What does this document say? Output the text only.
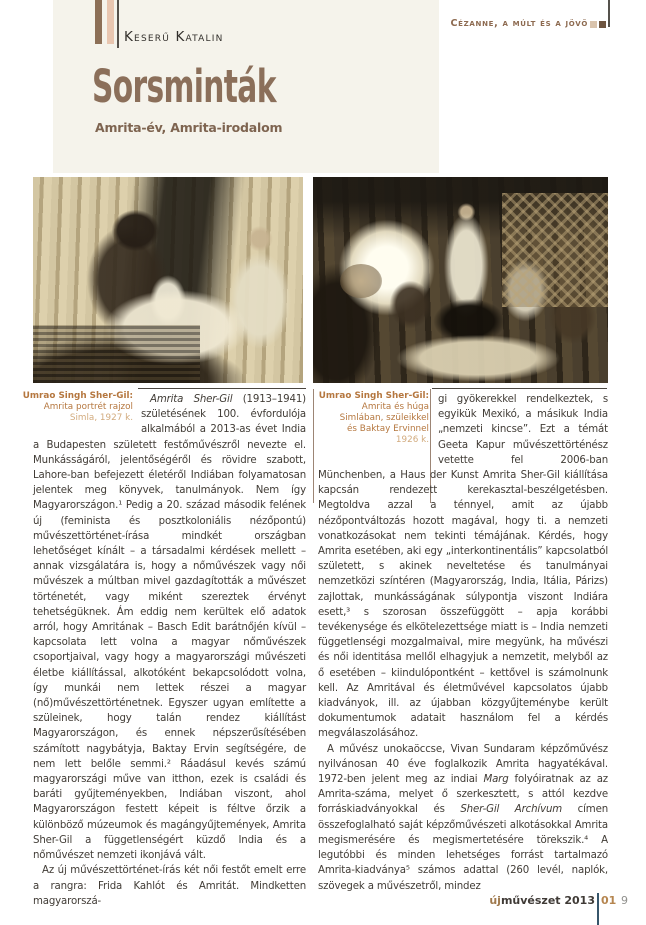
Keserű Katalin
Cézanne, a múlt és a jövő
Sorsminták
Amrita-év, Amrita-irodalom
Umrao Singh Sher-Gil:
Amrita portrét rajzol
Simla, 1927 k.
Umrao Singh Sher-Gil:
Amrita és húga
Simlában, szüleikkel
és Baktay Ervinnel
1926 k.

Amrita Sher-Gil (1913–1941) születésének 100. évfordulója alkalmából a 2013-as évet India a Budapesten született festőművészről nevezte el. Munkásságáról, jelentőségéről és rövidre szabott, Lahore-ban befejezett életéről Indiában folyamatosan jelentek meg könyvek, tanulmányok. Nem így Magyarországon.¹ Pedig a 20. század második felének új (feminista és posztkoloniális nézőpontú) művészettörténet-írása mindkét országban lehetőséget kínált – a társadalmi kérdések mellett – annak vizsgálatára is, hogy a nőművészek vagy női művészek a múltban mivel gazdagították a művészet történetét, vagy miként szereztek érvényt tehetségüknek. Ám eddig nem kerültek elő adatok arról, hogy Amritának – Basch Edit barátnőjén kívül – kapcsolata lett volna a magyar nőművészek csoportjaival, vagy hogy a magyarországi művészeti életbe kiállítással, alkotóként bekapcsolódott volna, így munkái nem lettek részei a magyar (nő)művészettörténetnek. Egyszer ugyan említette a szüleinek, hogy talán rendez kiállítást Magyarországon, és ennek népszerűsítésében számított nagybátyja, Baktay Ervin segítségére, de nem lett belőle semmi.² Ráadásul kevés számú magyarországi műve van itthon, ezek is családi és baráti gyűjteményekben, Indiában viszont, ahol Magyarországon festett képeit is féltve őrzik a különböző múzeumok és magángyűjtemények, Amrita Sher-Gil a függetlenségért küzdő India és a nőművészet nemzeti ikonjává vált.

Az új művészettörténet-írás két női festőt emelt erre a rangra: Frida Kahlót és Amritát. Mindketten magyarorszá-

gi gyökerekkel rendelkeztek, s egyikük Mexikó, a másikuk India „nemzeti kincse”. Ezt a témát Geeta Kapur művészettörténész vetette fel 2006-ban Münchenben, a Haus der Kunst Amrita Sher-Gil kiállítása kapcsán rendezett kerekasztal-beszélgetésben. Megtoldva azzal a ténnyel, amit az újabb nézőpontváltozás hozott magával, hogy ti. a nemzeti vonatkozásokat nem tekinti témájának. Kérdés, hogy Amrita esetében, aki egy „interkontinentális” kapcsolatból született, s akinek neveltetése és tanulmányai nemzetközi színtéren (Magyarország, India, Itália, Párizs) zajlottak, munkásságának súlypontja viszont Indiára esett,³ s szorosan összefüggött – apja korábbi tevékenysége és elkötelezettsége miatt is – India nemzeti függetlenségi mozgalmaival, mire megyünk, ha művészi és női identitása mellől elhagyjuk a nemzetit, melyből az ő esetében – kiindulópontként – kettővel is számolnunk kell. Az Amritával és életművével kapcsolatos újabb kiadványok, ill. az újabban közgyűjteménybe került dokumentumok adatait használom fel a kérdés megválaszolásához.

A művész unokaöccse, Vivan Sundaram képzőművész nyilvánosan 40 éve foglalkozik Amrita hagyatékával. 1972-ben jelent meg az indiai Marg folyóiratnak az az Amrita-száma, melyet ő szerkesztett, s attól kezdve forráskiadványokkal és Sher-Gil Archívum címen összefoglalható saját képzőművészeti alkotásokkal Amrita megismerésére és megismertetésére törekszik.⁴ A legutóbbi és minden lehetséges forrást tartalmazó Amrita-kiadványa⁵ számos adattal (260 levél, naplók, szövegek a művészetről, mindez

újművészet 2013 01 9
